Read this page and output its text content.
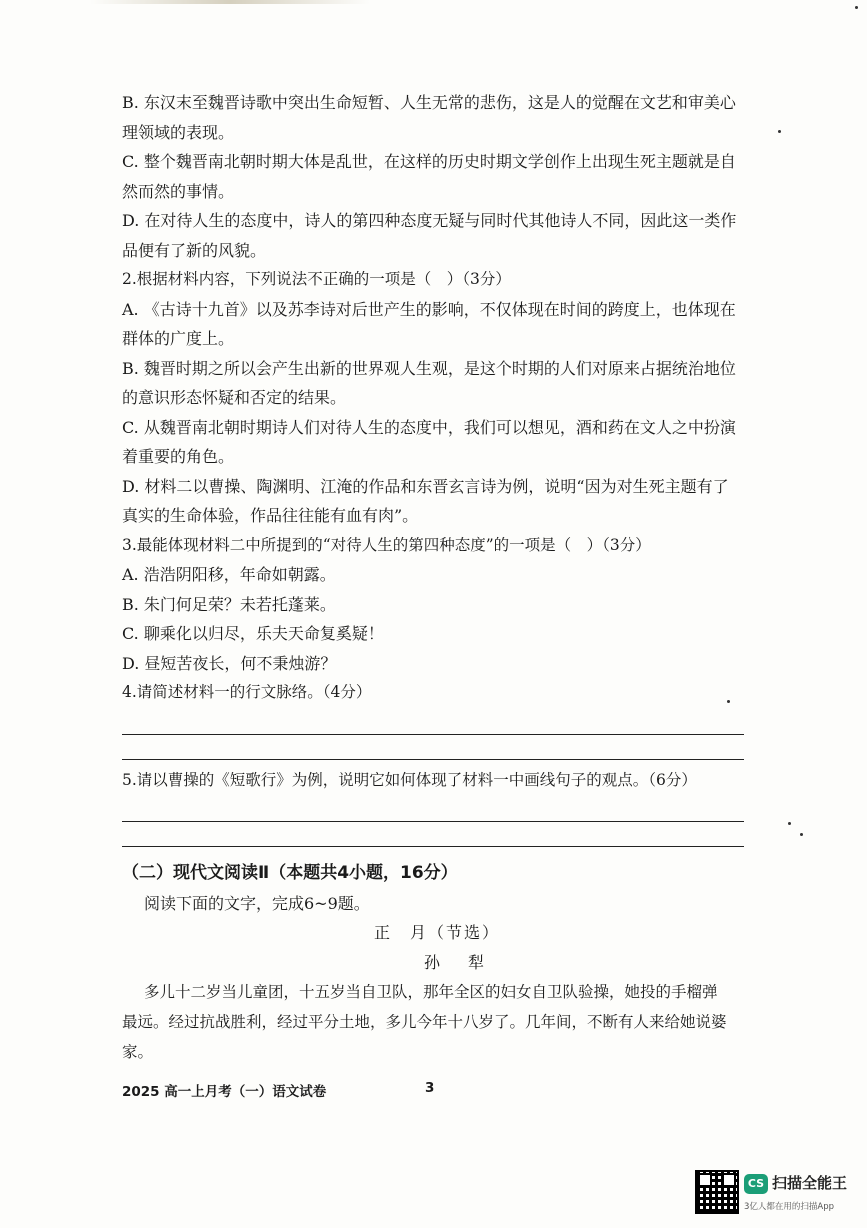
B. 东汉末至魏晋诗歌中突出生命短暂、人生无常的悲伤，这是人的觉醒在文艺和审美心

理领域的表现。

C. 整个魏晋南北朝时期大体是乱世，在这样的历史时期文学创作上出现生死主题就是自

然而然的事情。

D. 在对待人生的态度中，诗人的第四种态度无疑与同时代其他诗人不同，因此这一类作

品便有了新的风貌。

2.根据材料内容，下列说法不正确的一项是（　）（3分）

A. 《古诗十九首》以及苏李诗对后世产生的影响，不仅体现在时间的跨度上，也体现在

群体的广度上。

B. 魏晋时期之所以会产生出新的世界观人生观，是这个时期的人们对原来占据统治地位

的意识形态怀疑和否定的结果。

C. 从魏晋南北朝时期诗人们对待人生的态度中，我们可以想见，酒和药在文人之中扮演

着重要的角色。

D. 材料二以曹操、陶渊明、江淹的作品和东晋玄言诗为例，说明“因为对生死主题有了

真实的生命体验，作品往往能有血有肉”。

3.最能体现材料二中所提到的“对待人生的第四种态度”的一项是（　）（3分）

A. 浩浩阴阳移，年命如朝露。

B. 朱门何足荣？未若托蓬莱。

C. 聊乘化以归尽，乐夫天命复奚疑！

D. 昼短苦夜长，何不秉烛游？

4.请简述材料一的行文脉络。（4分）

5.请以曹操的《短歌行》为例，说明它如何体现了材料一中画线句子的观点。（6分）

（二）现代文阅读Ⅱ（本题共4小题，16分）

阅读下面的文字，完成6~9题。

正　月（节选）

孙　犁

多儿十二岁当儿童团，十五岁当自卫队，那年全区的妇女自卫队验操，她投的手榴弹

最远。经过抗战胜利，经过平分土地，多儿今年十八岁了。几年间，不断有人来给她说婆

家。

2025 高一上月考（一）语文试卷	3
CS 扫描全能王
3亿人都在用的扫描App
